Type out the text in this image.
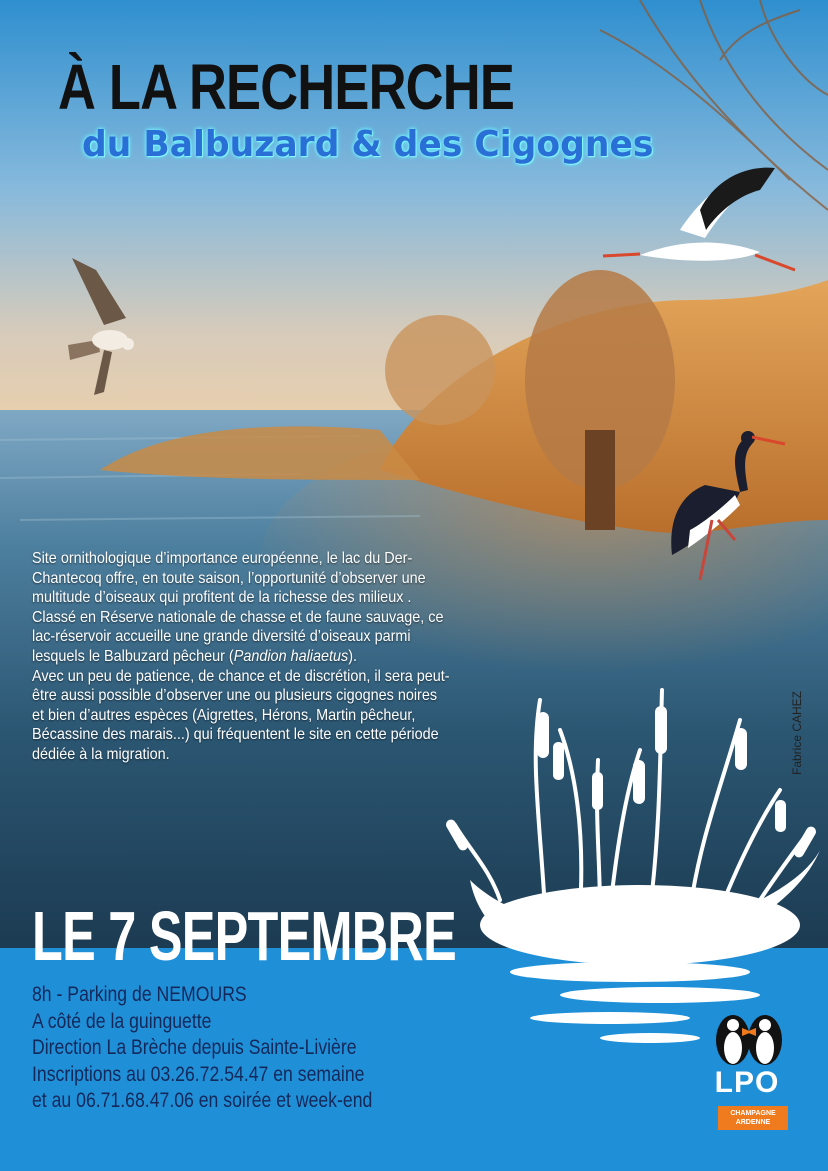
À LA RECHERCHE
du Balbuzard & des Cigognes

Site ornithologique d’importance européenne, le lac du Der-Chantecoq offre, en toute saison, l’opportunité d’observer une multitude d’oiseaux qui profitent de la richesse des milieux .

Classé en Réserve nationale de chasse et de faune sauvage, ce lac-réservoir accueille une grande diversité d’oiseaux parmi lesquels le Balbuzard pêcheur (Pandion haliaetus).

Avec un peu de patience, de chance et de discrétion, il sera peut-être aussi possible d’observer une ou plusieurs cigognes noires et bien d’autres espèces (Aigrettes, Hérons, Martin pêcheur, Bécassine des marais...) qui fréquentent le site en cette période dédiée à la migration.	Fabrice CAHEZ
LE 7 SEPTEMBRE
8h - Parking de NEMOURS
A côté de la guinguette
Direction La Brèche depuis Sainte-Livière
Inscriptions au 03.26.72.54.47 en semaine
et au 06.71.68.47.06 en soirée et week-end
LPO
CHAMPAGNE
ARDENNE
